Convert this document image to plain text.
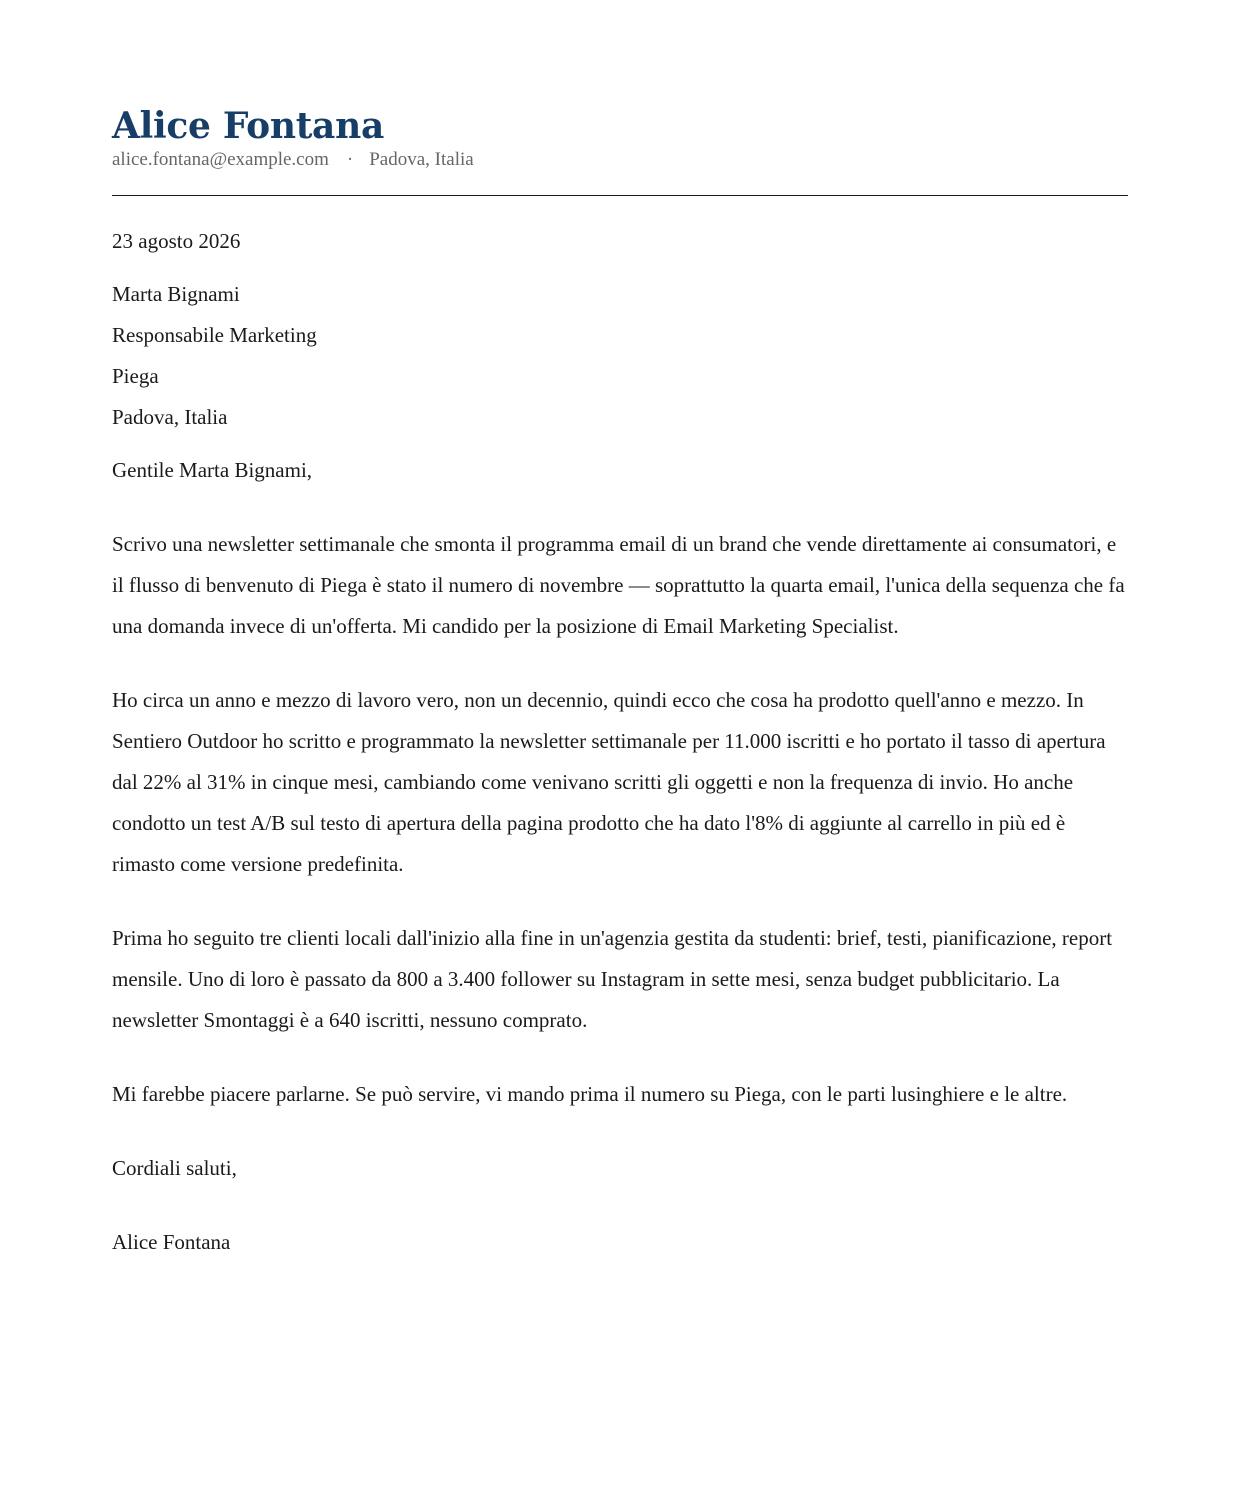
Alice Fontana
alice.fontana@example.com · Padova, Italia
23 agosto 2026
Marta Bignami
Responsabile Marketing
Piega
Padova, Italia
Gentile Marta Bignami,
Scrivo una newsletter settimanale che smonta il programma email di un brand che vende direttamente ai consumatori, e il flusso di benvenuto di Piega è stato il numero di novembre — soprattutto la quarta email, l'unica della sequenza che fa una domanda invece di un'offerta. Mi candido per la posizione di Email Marketing Specialist.
Ho circa un anno e mezzo di lavoro vero, non un decennio, quindi ecco che cosa ha prodotto quell'anno e mezzo. In Sentiero Outdoor ho scritto e programmato la newsletter settimanale per 11.000 iscritti e ho portato il tasso di apertura dal 22% al 31% in cinque mesi, cambiando come venivano scritti gli oggetti e non la frequenza di invio. Ho anche condotto un test A/B sul testo di apertura della pagina prodotto che ha dato l'8% di aggiunte al carrello in più ed è rimasto come versione predefinita.
Prima ho seguito tre clienti locali dall'inizio alla fine in un'agenzia gestita da studenti: brief, testi, pianificazione, report mensile. Uno di loro è passato da 800 a 3.400 follower su Instagram in sette mesi, senza budget pubblicitario. La newsletter Smontaggi è a 640 iscritti, nessuno comprato.
Mi farebbe piacere parlarne. Se può servire, vi mando prima il numero su Piega, con le parti lusinghiere e le altre.
Cordiali saluti,
Alice Fontana
